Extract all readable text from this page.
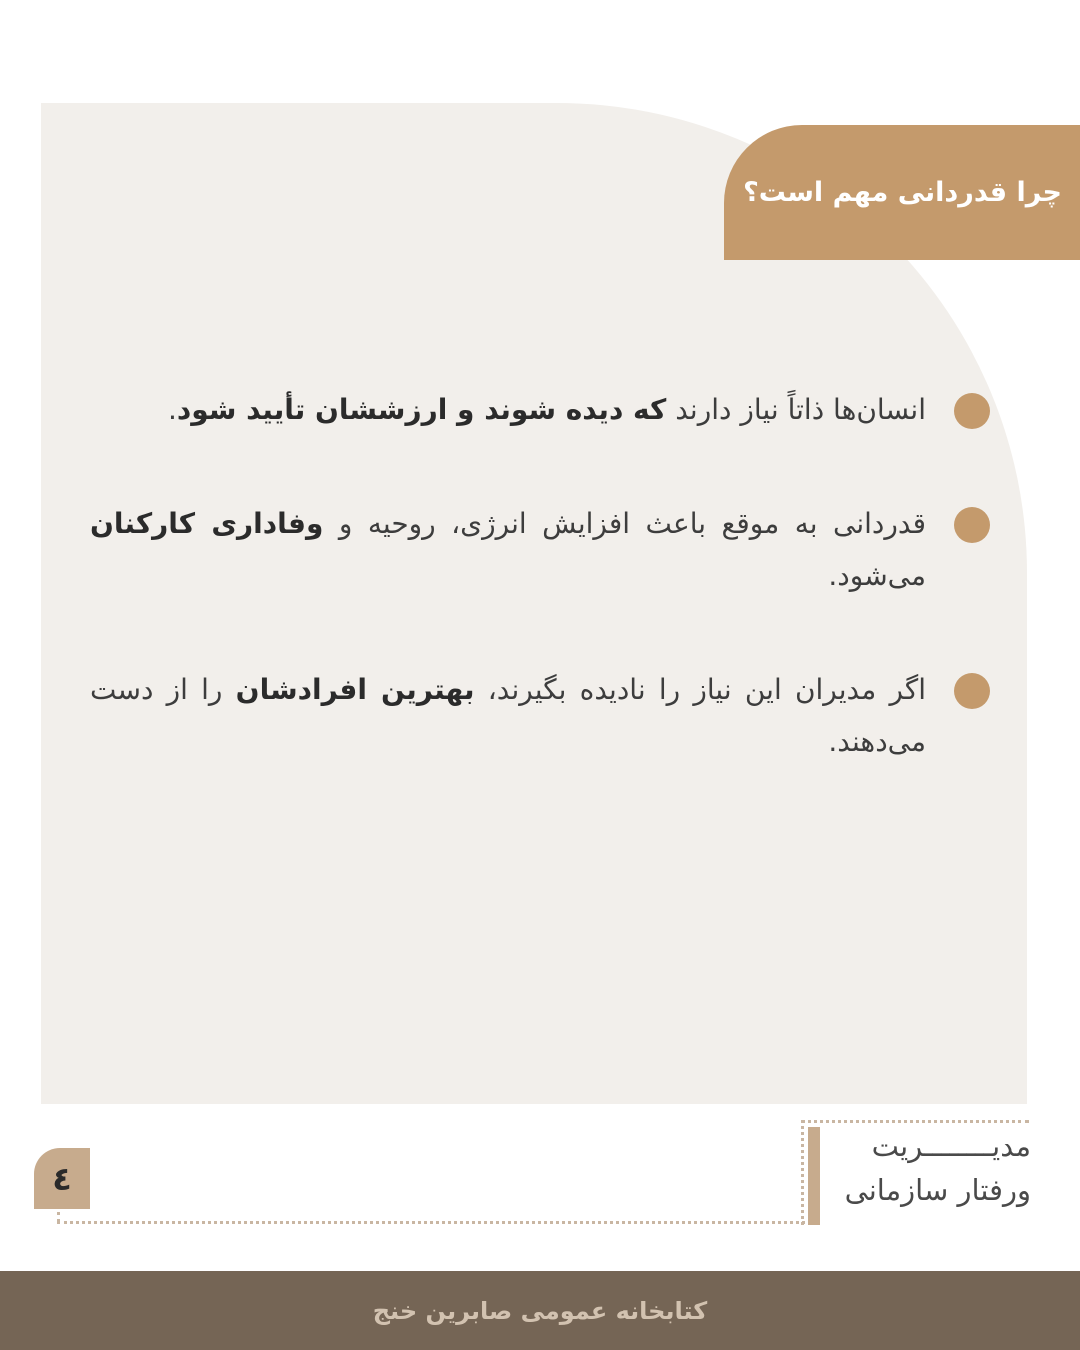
چرا قدردانی مهم است؟
انسان‌ها ذاتاً نیاز دارند که دیده شوند و ارزششان تأیید شود.
قدردانی به موقع باعث افزایش انرژی، روحیه و وفاداری کارکنان می‌شود.
اگر مدیران این نیاز را نادیده بگیرند، بهترین افرادشان را از دست می‌دهند.
مدیــــــــریت
ورفتار سازمانی
٤
کتابخانه عمومی صابرین خنج
